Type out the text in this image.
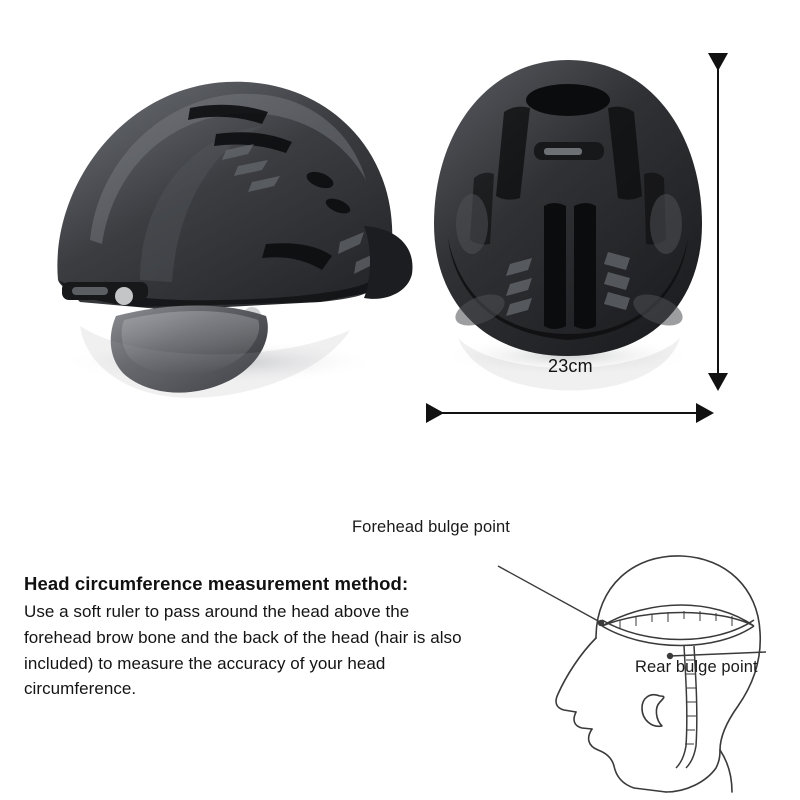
23cm

Head circumference measurement method:

Use a soft ruler to pass around the head above the forehead brow bone and the back of the head (hair is also included) to measure the accuracy of your head circumference.

Forehead bulge point
Rear bulge point
